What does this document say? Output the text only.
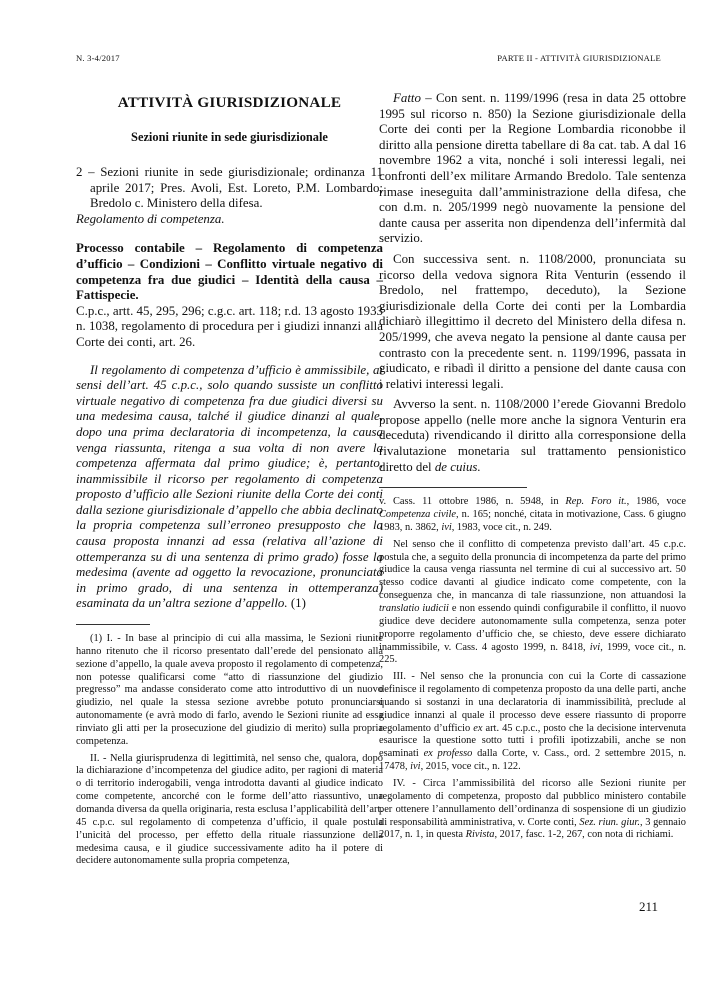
N. 3-4/2017	PARTE II - ATTIVITÀ GIURISDIZIONALE

ATTIVITÀ GIURISDIZIONALE

Sezioni riunite in sede giurisdizionale

2 – Sezioni riunite in sede giurisdizionale; ordinanza 11 aprile 2017; Pres. Avoli, Est. Loreto, P.M. Lombardo; Bredolo c. Ministero della difesa.
Regolamento di competenza.

Processo contabile – Regolamento di competenza d’ufficio – Condizioni – Conflitto virtuale negativo di competenza fra due giudici – Identità della causa – Fattispecie.

C.p.c., artt. 45, 295, 296; c.g.c. art. 118; r.d. 13 agosto 1933 n. 1038, regolamento di procedura per i giudizi innanzi alla Corte dei conti, art. 26.

Il regolamento di competenza d’ufficio è ammissibile, ai sensi dell’art. 45 c.p.c., solo quando sussiste un conflitto virtuale negativo di competenza fra due giudici diversi su una medesima causa, talché il giudice dinanzi al quale, dopo una prima declaratoria di incompetenza, la causa venga riassunta, ritenga a sua volta di non avere la competenza affermata dal primo giudice; è, pertanto, inammissibile il ricorso per regolamento di competenza proposto d’ufficio alle Sezioni riunite della Corte dei conti dalla sezione giurisdizionale d’appello che abbia declinato la propria competenza sull’erroneo presupposto che la causa proposta innanzi ad essa (relativa all’azione di ottemperanza su di una sentenza di primo grado) fosse la medesima (avente ad oggetto la revocazione, pronunciata in primo grado, di una sentenza in ottemperanza) esaminata da un’altra sezione d’appello. (1)

(1) I. - In base al principio di cui alla massima, le Sezioni riunite hanno ritenuto che il ricorso presentato dall’erede del pensionato alla sezione d’appello, la quale aveva proposto il regolamento di competenza, non potesse qualificarsi come “atto di riassunzione del giudizio pregresso” ma andasse considerato come atto introduttivo di un nuovo giudizio, nel quale la stessa sezione avrebbe potuto pronunciarsi autonomamente (e avrà modo di farlo, avendo le Sezioni riunite ad essa rinviato gli atti per la prosecuzione del giudizio di merito) sulla propria competenza.

II. - Nella giurisprudenza di legittimità, nel senso che, qualora, dopo la dichiarazione d’incompetenza del giudice adito, per ragioni di materia o di territorio inderogabili, venga introdotta davanti al giudice indicato come competente, ancorché con le forme dell’atto riassuntivo, una domanda diversa da quella originaria, resta esclusa l’applicabilità dell’art. 45 c.p.c. sul regolamento di competenza d’ufficio, il quale postula l’unicità del processo, per effetto della rituale riassunzione della medesima causa, e il giudice successivamente adito ha il potere di decidere autonomamente sulla propria competenza,

Fatto – Con sent. n. 1199/1996 (resa in data 25 ottobre 1995 sul ricorso n. 850) la Sezione giurisdizionale della Corte dei conti per la Regione Lombardia riconobbe il diritto alla pensione diretta tabellare di 8a cat. tab. A dal 16 novembre 1962 a vita, nonché i soli interessi legali, nei confronti dell’ex militare Armando Bredolo. Tale sentenza rimase ineseguita dall’amministrazione della difesa, che con d.m. n. 205/1999 negò nuovamente la pensione del dante causa per asserita non dipendenza dell’infermità dal servizio.

Con successiva sent. n. 1108/2000, pronunciata su ricorso della vedova signora Rita Venturin (essendo il Bredolo, nel frattempo, deceduto), la Sezione giurisdizionale della Corte dei conti per la Lombardia dichiarò illegittimo il decreto del Ministero della difesa n. 205/1999, che aveva negato la pensione al dante causa per contrasto con la precedente sent. n. 1199/1996, passata in giudicato, e ribadì il diritto a pensione del dante causa con i relativi interessi legali.

Avverso la sent. n. 1108/2000 l’erede Giovanni Bredolo propose appello (nelle more anche la signora Venturin era deceduta) rivendicando il diritto alla corresponsione della rivalutazione monetaria sul trattamento pensionistico diretto del de cuius.

v. Cass. 11 ottobre 1986, n. 5948, in Rep. Foro it., 1986, voce Competenza civile, n. 165; nonché, citata in motivazione, Cass. 6 giugno 1983, n. 3862, ivi, 1983, voce cit., n. 249.

Nel senso che il conflitto di competenza previsto dall’art. 45 c.p.c. postula che, a seguito della pronuncia di incompetenza da parte del primo giudice la causa venga riassunta nel termine di cui al successivo art. 50 stesso codice davanti al giudice indicato come competente, con la conseguenza che, in mancanza di tale riassunzione, non attuandosi la translatio iudicii e non essendo quindi configurabile il conflitto, il nuovo giudice deve decidere autonomamente sulla competenza, senza poter proporre regolamento d’ufficio che, se chiesto, deve essere dichiarato inammissibile, v. Cass. 4 agosto 1999, n. 8418, ivi, 1999, voce cit., n. 225.

III. - Nel senso che la pronuncia con cui la Corte di cassazione definisce il regolamento di competenza proposto da una delle parti, anche quando si sostanzi in una declaratoria di inammissibilità, preclude al giudice innanzi al quale il processo deve essere riassunto di proporre regolamento d’ufficio ex art. 45 c.p.c., posto che la decisione intervenuta esaurisce la questione sotto tutti i profili ipotizzabili, anche se non esaminati ex professo dalla Corte, v. Cass., ord. 2 settembre 2015, n. 17478, ivi, 2015, voce cit., n. 122.

IV. - Circa l’ammissibilità del ricorso alle Sezioni riunite per regolamento di competenza, proposto dal pubblico ministero contabile per ottenere l’annullamento dell’ordinanza di sospensione di un giudizio di responsabilità amministrativa, v. Corte conti, Sez. riun. giur., 3 gennaio 2017, n. 1, in questa Rivista, 2017, fasc. 1-2, 267, con nota di richiami.

211
